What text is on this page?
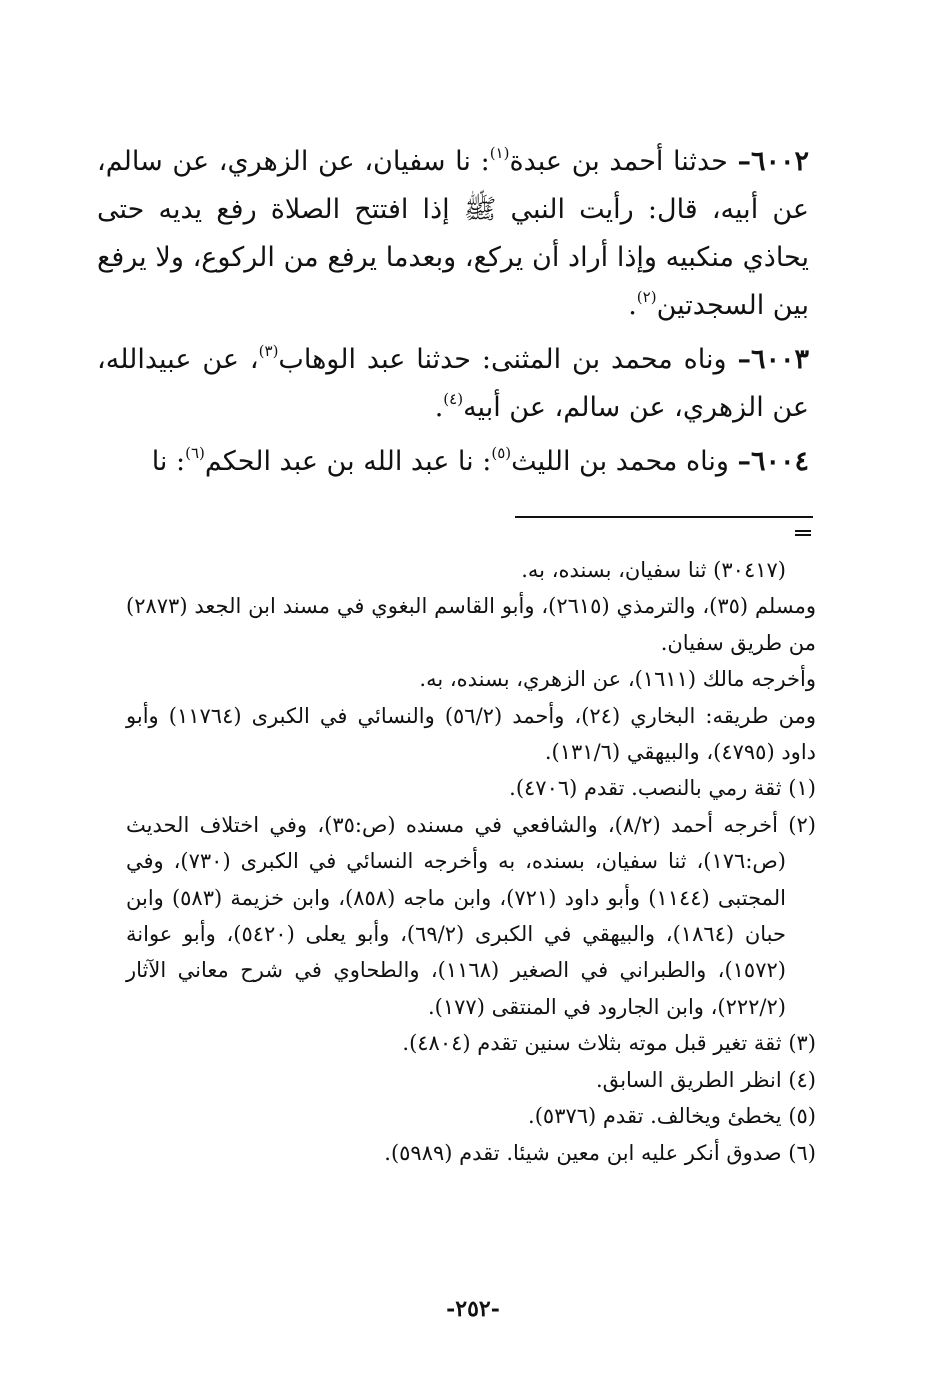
٦٠٠٢– حدثنا أحمد بن عبدة$^{(١)}$: نا سفيان، عن الزهري، عن سالم، عن أبيه، قال: رأيت النبي ﷺ إذا افتتح الصلاة رفع يديه حتى يحاذي منكبيه وإذا أراد أن يركع، وبعدما يرفع من الركوع، ولا يرفع بين السجدتين$^{(٢)}$.

٦٠٠٣– وناه محمد بن المثنى: حدثنا عبد الوهاب$^{(٣)}$، عن عبيدالله، عن الزهري، عن سالم، عن أبيه$^{(٤)}$.

٦٠٠٤– وناه محمد بن الليث$^{(٥)}$: نا عبد الله بن عبد الحكم$^{(٦)}$: نا

(٣٠٤١٧) ثنا سفيان، بسنده، به.

ومسلم (٣٥)، والترمذي (٢٦١٥)، وأبو القاسم البغوي في مسند ابن الجعد (٢٨٧٣) من طريق سفيان.

وأخرجه مالك (١٦١١)، عن الزهري، بسنده، به.

ومن طريقه: البخاري (٢٤)، وأحمد (٥٦/٢) والنسائي في الكبرى (١١٧٦٤) وأبو داود (٤٧٩٥)، والبيهقي (١٣١/٦).

(١) ثقة رمي بالنصب. تقدم (٤٧٠٦).

(٢) أخرجه أحمد (٨/٢)، والشافعي في مسنده (ص:٣٥)، وفي اختلاف الحديث (ص:١٧٦)، ثنا سفيان، بسنده، به وأخرجه النسائي في الكبرى (٧٣٠)، وفي المجتبى (١١٤٤) وأبو داود (٧٢١)، وابن ماجه (٨٥٨)، وابن خزيمة (٥٨٣) وابن حبان (١٨٦٤)، والبيهقي في الكبرى (٦٩/٢)، وأبو يعلى (٥٤٢٠)، وأبو عوانة (١٥٧٢)، والطبراني في الصغير (١١٦٨)، والطحاوي في شرح معاني الآثار (٢٢٢/٢)، وابن الجارود في المنتقى (١٧٧).

(٣) ثقة تغير قبل موته بثلاث سنين تقدم (٤٨٠٤).

(٤) انظر الطريق السابق.

(٥) يخطئ ويخالف. تقدم (٥٣٧٦).

(٦) صدوق أنكر عليه ابن معين شيئا. تقدم (٥٩٨٩).

-٢٥٢-
